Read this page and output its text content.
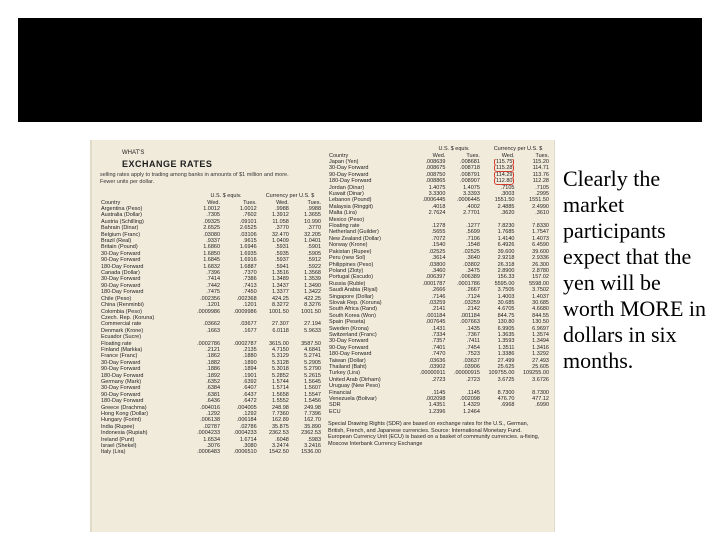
WHAT'S
EXCHANGE RATES
selling rates apply to trading among banks in amounts of $1 million and more. Fewer units per dollar.
U.S. $ equiv.	Currency per U.S. $
Country	Wed.	Tues.	Wed.	Tues.
Argentina (Peso)	1.0012	1.0012	.9988	.9988
Australia (Dollar)	.7305	.7602	1.3912	1.3655
Austria (Schilling)	.09325	.09101	11.058	10.990
Bahrain (Dinar)	2.6525	2.6525	.3770	.3770
Belgium (Franc)	.03080	.03106	32.470	32.205
Brazil (Real)	.9337	.9615	1.0409	1.0401
Britain (Pound)	1.6860	1.6946	.5931	.5901
30-Day Forward	1.6850	1.6935	.5935	.5905
90-Day Forward	1.6845	1.6916	.5937	.5912
180-Day Forward	1.6832	1.6887	.5941	.5922
Canada (Dollar)	.7396	.7370	1.3516	1.3568
30-Day Forward	.7414	.7386	1.3489	1.3539
90-Day Forward	.7442	.7413	1.3437	1.3490
180-Day Forward	.7475	.7450	1.3377	1.3422
Chile (Peso)	.002356	.002368	424.25	422.25
China (Renminbi)	.1201	.1201	8.3272	8.3276
Colombia (Peso)	.0009986	.0009986	1001.50	1001.50
Czech. Rep. (Koruna)				
Commercial rate	.03662	.03677	27.307	27.194
Denmark (Krone)	.1663	.1677	6.0118	5.9633
Ecuador (Sucre)				
Floating rate	.0002786	.0002787	3615.00	3587.50
Finland (Markka)	.2121	.2135	4.7150	4.6841
France (Franc)	.1862	.1880	5.3129	5.2741
30-Day Forward	.1882	.1890	5.3128	5.2905
90-Day Forward	.1886	.1894	5.3018	5.2790
180-Day Forward	.1892	.1901	5.2852	5.2615
Germany (Mark)	.6352	.6392	1.5744	1.5645
30-Day Forward	.6384	.6407	1.5714	1.5607
90-Day Forward	.6381	.6437	1.5658	1.5547
180-Day Forward	.6436	.6472	1.5552	1.5456
Greece (Drachma)	.004016	.004005	248.98	249.98
Hong Kong (Dollar)	.1292	.1292	7.7360	7.7396
Hungary (Forint)	.006138	.006184	162.89	162.70
India (Rupee)	.02787	.02786	35.875	35.890
Indonesia (Rupiah)	.0004233	.0004233	2362.53	2362.53
Ireland (Punt)	1.6534	1.6714	.6048	.5983
Israel (Shekel)	.3076	.3080	3.2474	3.2416
Italy (Lira)	.0006483	.0006510	1542.50	1536.00
U.S. $ equiv.	Currency per U.S. $
Country	Wed.	Tues.	Wed.	Tues.
Japan (Yen)	.008639	.008681	115.75	115.20
30-Day Forward	.008675	.008718	115.28	114.71
90-Day Forward	.008750	.008791	114.29	113.76
180-Day Forward	.008865	.008907	112.80	112.28
Jordan (Dinar)	1.4075	1.4075	.7105	.7105
Kuwait (Dinar)	3.3300	3.3393	.3003	.2995
Lebanon (Pound)	.0006445	.0006445	1551.50	1551.50
Malaysia (Ringgit)	.4018	.4002	2.4885	2.4990
Malta (Lira)	2.7624	2.7701	.3620	.3610
Mexico (Peso)				
Floating rate	.1278	.1277	7.8230	7.8330
Netherland (Guilder)	.5655	.5699	1.7685	1.7547
New Zealand (Dollar)	.7072	.7106	1.4140	1.4073
Norway (Krone)	.1540	.1548	6.4926	6.4590
Pakistan (Rupee)	.02525	.02525	39.600	39.600
Peru (new Sol)	.3614	.3640	2.9218	2.9336
Philippines (Peso)	.03800	.03802	26.318	26.300
Poland (Zloty)	.3460	.3475	2.8900	2.8780
Portugal (Escudo)	.006397	.006389	156.33	157.02
Russia (Ruble)	.0001787	.0001786	5595.00	5598.00
Saudi Arabia (Riyal)	.2666	.2667	3.7505	3.7502
Singapore (Dollar)	.7146	.7124	1.4003	1.4037
Slovak Rep. (Koruna)	.03259	.03259	30.685	30.685
South Africa (Rand)	.2141	.2142	4.6705	4.6680
South Korea (Won)	.001184	.001184	844.75	844.55
Spain (Peseta)	.007645	.007663	130.80	130.50
Sweden (Krona)	.1431	.1435	6.9905	6.9697
Switzerland (Franc)	.7334	.7367	1.3635	1.3574
30-Day Forward	.7357	.7411	1.3593	1.3494
90-Day Forward	.7401	.7454	1.3511	1.3416
180-Day Forward	.7470	.7523	1.3386	1.3292
Taiwan (Dollar)	.03636	.03637	27.499	27.493
Thailand (Baht)	.03902	.03906	25.625	25.605
Turkey (Lira)	.00000911	.00000915	109755.00	109255.00
United Arab (Dirham)	.2723	.2723	3.6725	3.6726
Uruguay (New Peso)				
Financial	.1145	.1145	8.7300	8.7300
Venezuela (Bolivar)	.002098	.002098	476.70	477.12
SDR	1.4351	1.4329	.6968	.6990
ECU	1.2396	1.2464		
Special Drawing Rights (SDR) are based on exchange rates for the U.S., German, British, French, and Japanese currencies. Source: International Monetary Fund. European Currency Unit (ECU) is based on a basket of community currencies. a-fixing, Moscow Interbank Currency Exchange
Clearly the market participants expect that the yen will be worth MORE in dollars in six months.
